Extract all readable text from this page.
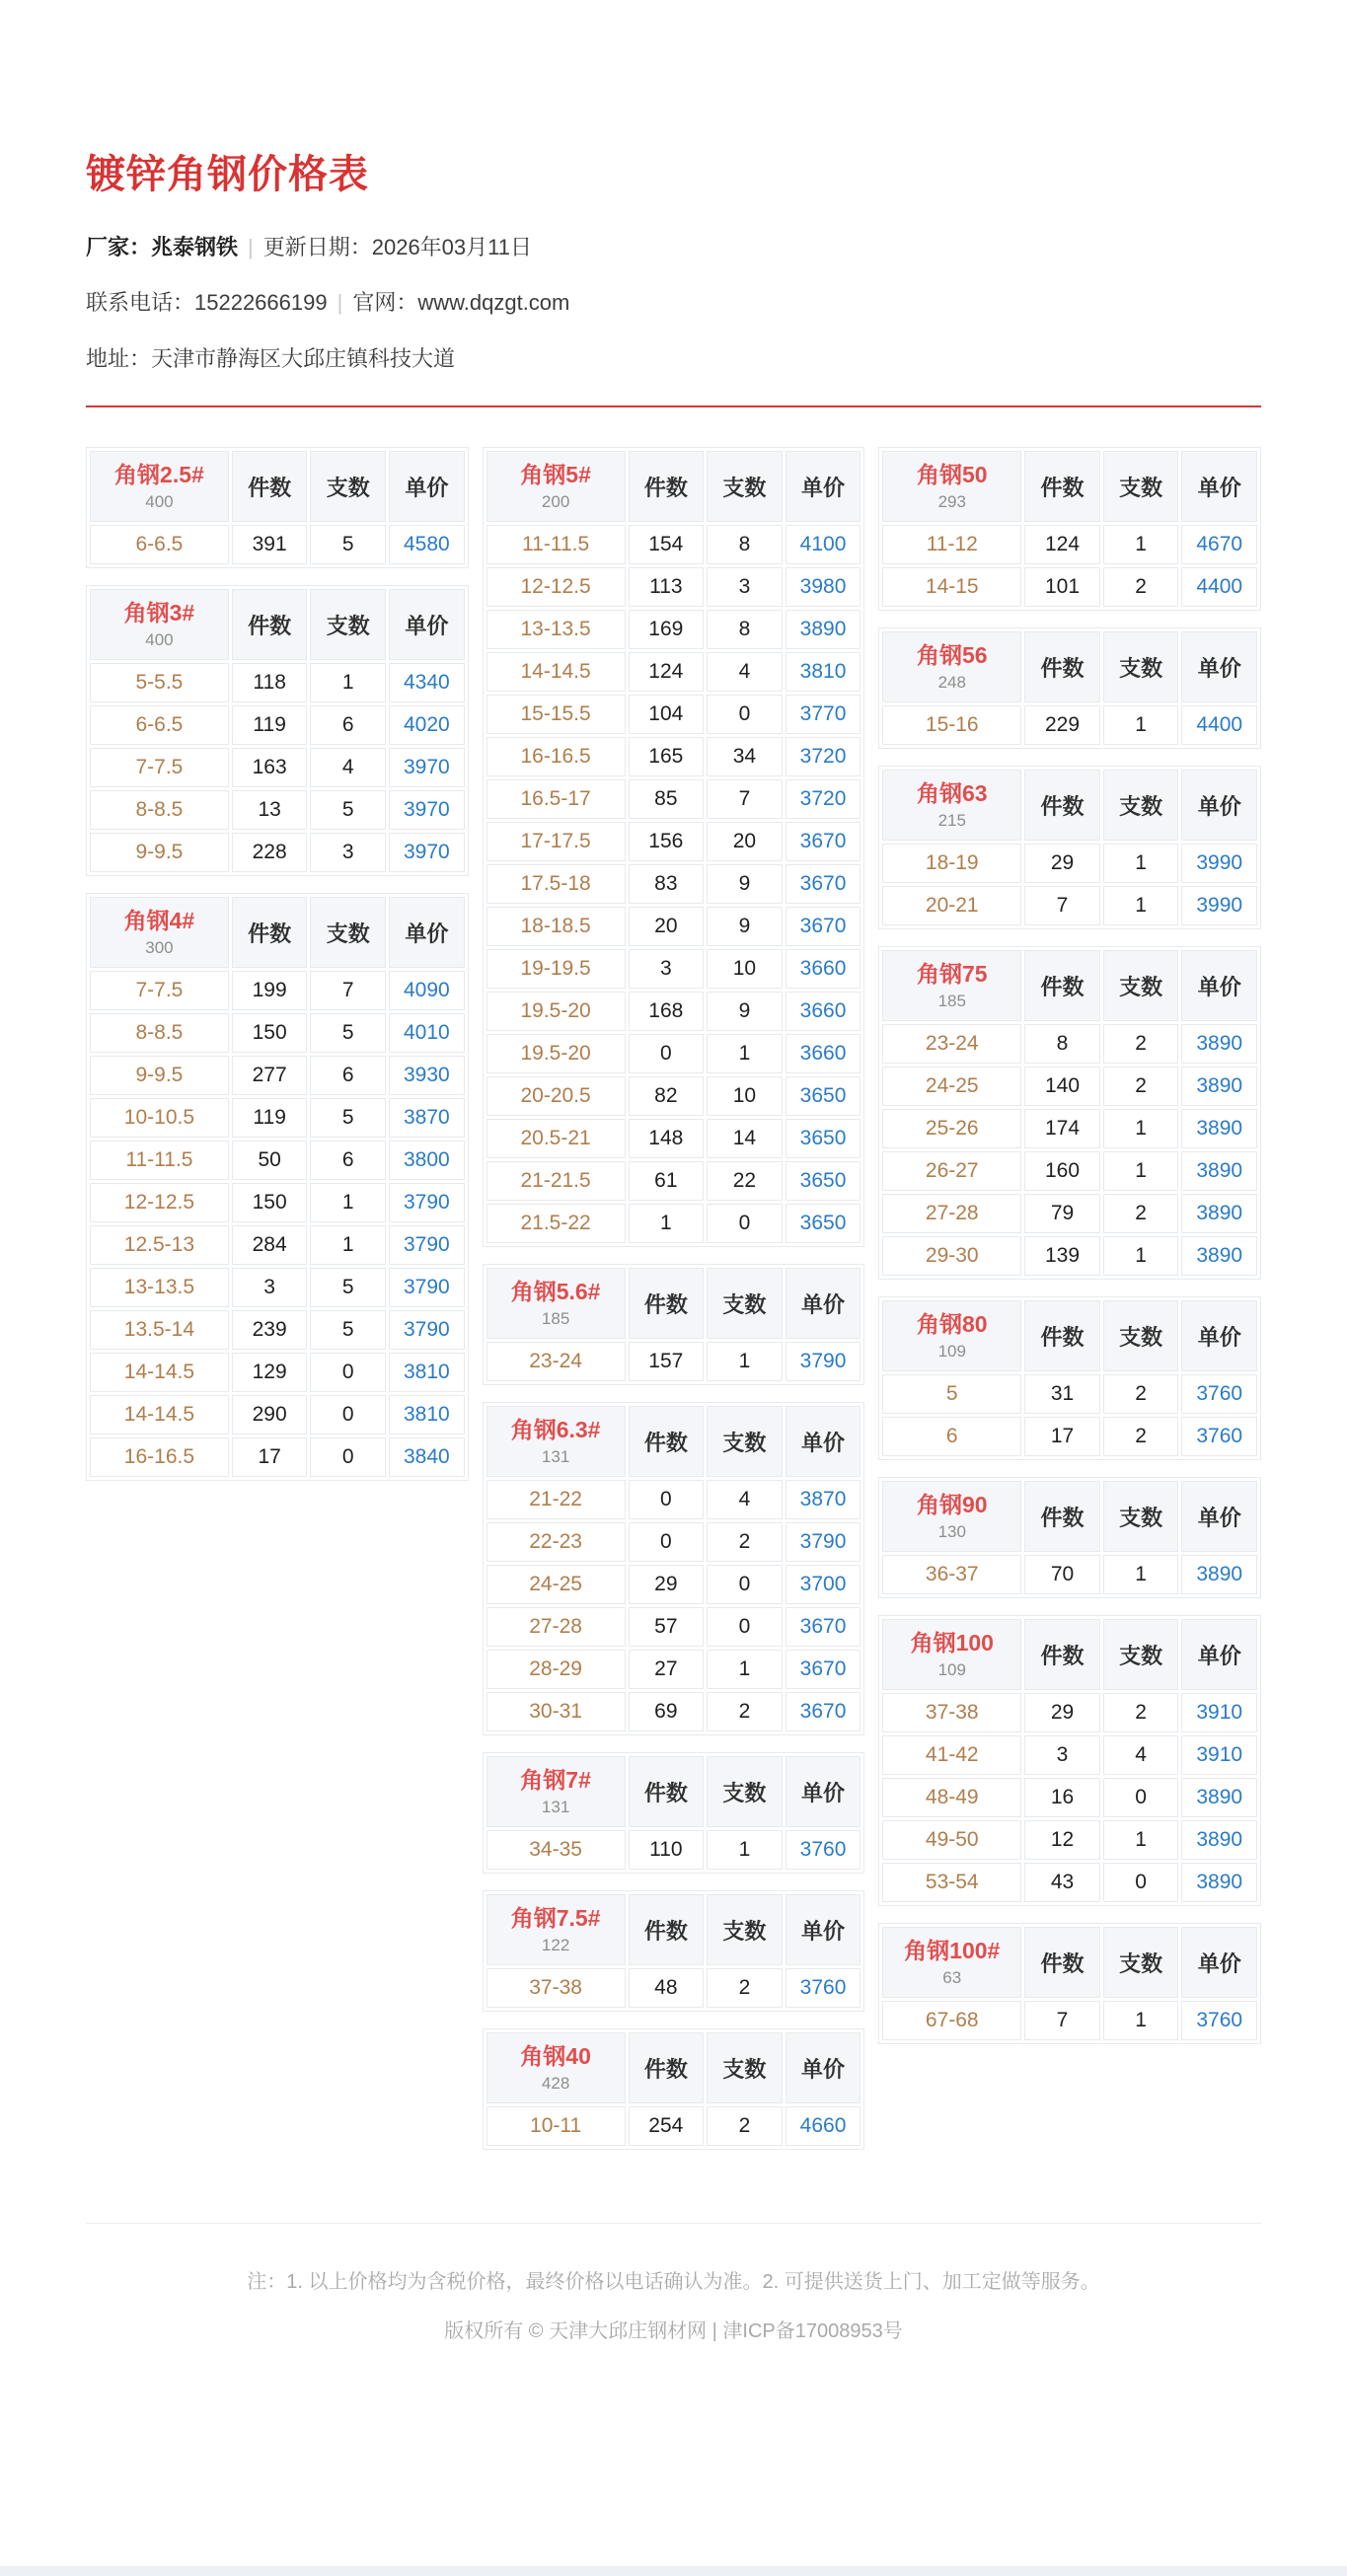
镀锌角钢价格表
厂家：兆泰钢铁 | 更新日期：2026年03月11日
联系电话：15222666199 | 官网：www.dqzgt.com
地址：天津市静海区大邱庄镇科技大道
角钢2.5#
400	件数	支数	单价
6-6.5	391	5	4580
角钢3#
400	件数	支数	单价
5-5.5	118	1	4340
6-6.5	119	6	4020
7-7.5	163	4	3970
8-8.5	13	5	3970
9-9.5	228	3	3970
角钢4#
300	件数	支数	单价
7-7.5	199	7	4090
8-8.5	150	5	4010
9-9.5	277	6	3930
10-10.5	119	5	3870
11-11.5	50	6	3800
12-12.5	150	1	3790
12.5-13	284	1	3790
13-13.5	3	5	3790
13.5-14	239	5	3790
14-14.5	129	0	3810
14-14.5	290	0	3810
16-16.5	17	0	3840
角钢5#
200	件数	支数	单价
11-11.5	154	8	4100
12-12.5	113	3	3980
13-13.5	169	8	3890
14-14.5	124	4	3810
15-15.5	104	0	3770
16-16.5	165	34	3720
16.5-17	85	7	3720
17-17.5	156	20	3670
17.5-18	83	9	3670
18-18.5	20	9	3670
19-19.5	3	10	3660
19.5-20	168	9	3660
19.5-20	0	1	3660
20-20.5	82	10	3650
20.5-21	148	14	3650
21-21.5	61	22	3650
21.5-22	1	0	3650
角钢5.6#
185	件数	支数	单价
23-24	157	1	3790
角钢6.3#
131	件数	支数	单价
21-22	0	4	3870
22-23	0	2	3790
24-25	29	0	3700
27-28	57	0	3670
28-29	27	1	3670
30-31	69	2	3670
角钢7#
131	件数	支数	单价
34-35	110	1	3760
角钢7.5#
122	件数	支数	单价
37-38	48	2	3760
角钢40
428	件数	支数	单价
10-11	254	2	4660
角钢50
293	件数	支数	单价
11-12	124	1	4670
14-15	101	2	4400
角钢56
248	件数	支数	单价
15-16	229	1	4400
角钢63
215	件数	支数	单价
18-19	29	1	3990
20-21	7	1	3990
角钢75
185	件数	支数	单价
23-24	8	2	3890
24-25	140	2	3890
25-26	174	1	3890
26-27	160	1	3890
27-28	79	2	3890
29-30	139	1	3890
角钢80
109	件数	支数	单价
5	31	2	3760
6	17	2	3760
角钢90
130	件数	支数	单价
36-37	70	1	3890
角钢100
109	件数	支数	单价
37-38	29	2	3910
41-42	3	4	3910
48-49	16	0	3890
49-50	12	1	3890
53-54	43	0	3890
角钢100#
63	件数	支数	单价
67-68	7	1	3760
注：1. 以上价格均为含税价格，最终价格以电话确认为准。2. 可提供送货上门、加工定做等服务。
版权所有 © 天津大邱庄钢材网 | 津ICP备17008953号
